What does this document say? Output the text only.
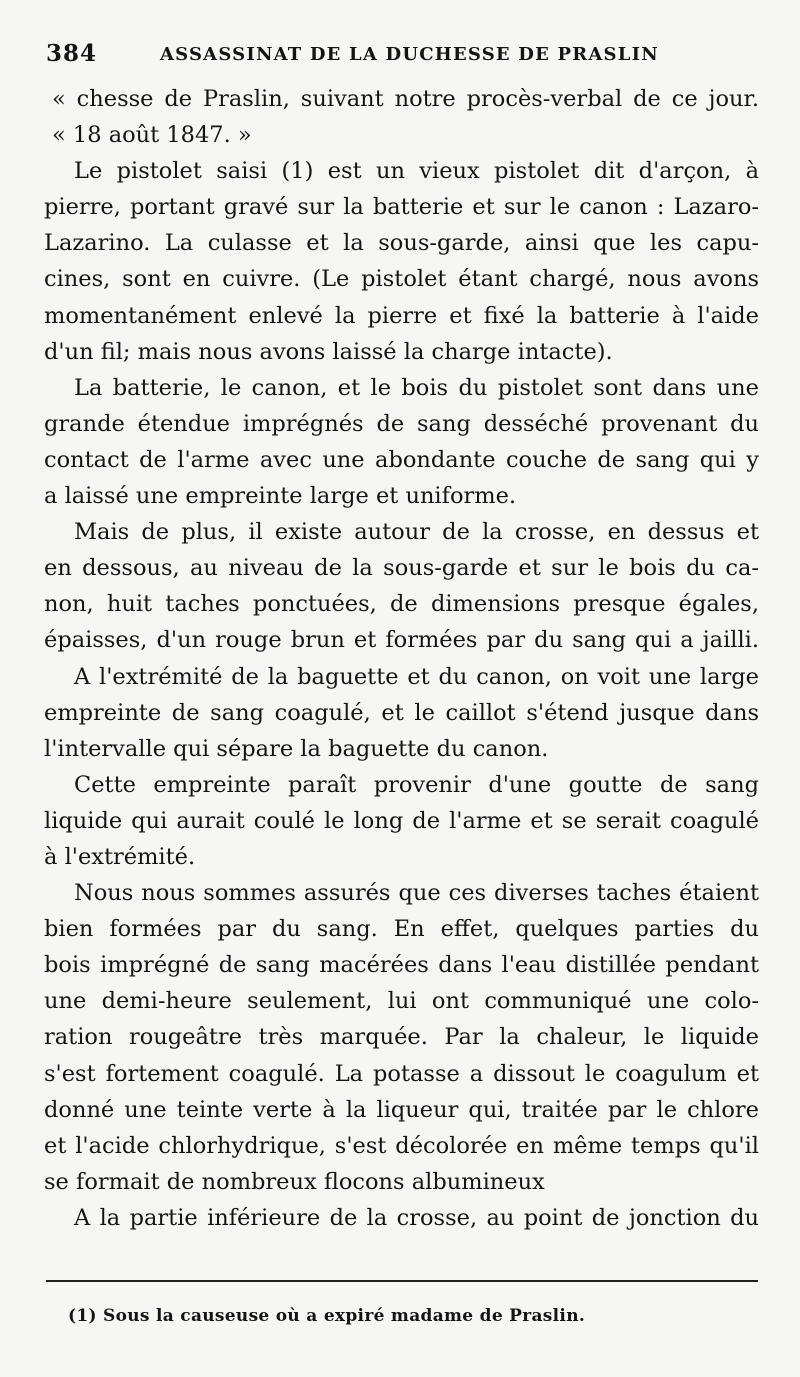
384	ASSASSINAT DE LA DUCHESSE DE PRASLIN
« chesse de Praslin, suivant notre procès-verbal de ce jour.
« 18 août 1847. »
Le pistolet saisi (1) est un vieux pistolet dit d'arçon, à
pierre, portant gravé sur la batterie et sur le canon : Lazaro-
Lazarino. La culasse et la sous-garde, ainsi que les capu-
cines, sont en cuivre. (Le pistolet étant chargé, nous avons
momentanément enlevé la pierre et fixé la batterie à l'aide
d'un fil; mais nous avons laissé la charge intacte).
La batterie, le canon, et le bois du pistolet sont dans une
grande étendue imprégnés de sang desséché provenant du
contact de l'arme avec une abondante couche de sang qui y
a laissé une empreinte large et uniforme.
Mais de plus, il existe autour de la crosse, en dessus et
en dessous, au niveau de la sous-garde et sur le bois du ca-
non, huit taches ponctuées, de dimensions presque égales,
épaisses, d'un rouge brun et formées par du sang qui a jailli.
A l'extrémité de la baguette et du canon, on voit une large
empreinte de sang coagulé, et le caillot s'étend jusque dans
l'intervalle qui sépare la baguette du canon.
Cette empreinte paraît provenir d'une goutte de sang
liquide qui aurait coulé le long de l'arme et se serait coagulé
à l'extrémité.
Nous nous sommes assurés que ces diverses taches étaient
bien formées par du sang. En effet, quelques parties du
bois imprégné de sang macérées dans l'eau distillée pendant
une demi-heure seulement, lui ont communiqué une colo-
ration rougeâtre très marquée. Par la chaleur, le liquide
s'est fortement coagulé. La potasse a dissout le coagulum et
donné une teinte verte à la liqueur qui, traitée par le chlore
et l'acide chlorhydrique, s'est décolorée en même temps qu'il
se formait de nombreux flocons albumineux
A la partie inférieure de la crosse, au point de jonction du
(1) Sous la causeuse où a expiré madame de Praslin.
